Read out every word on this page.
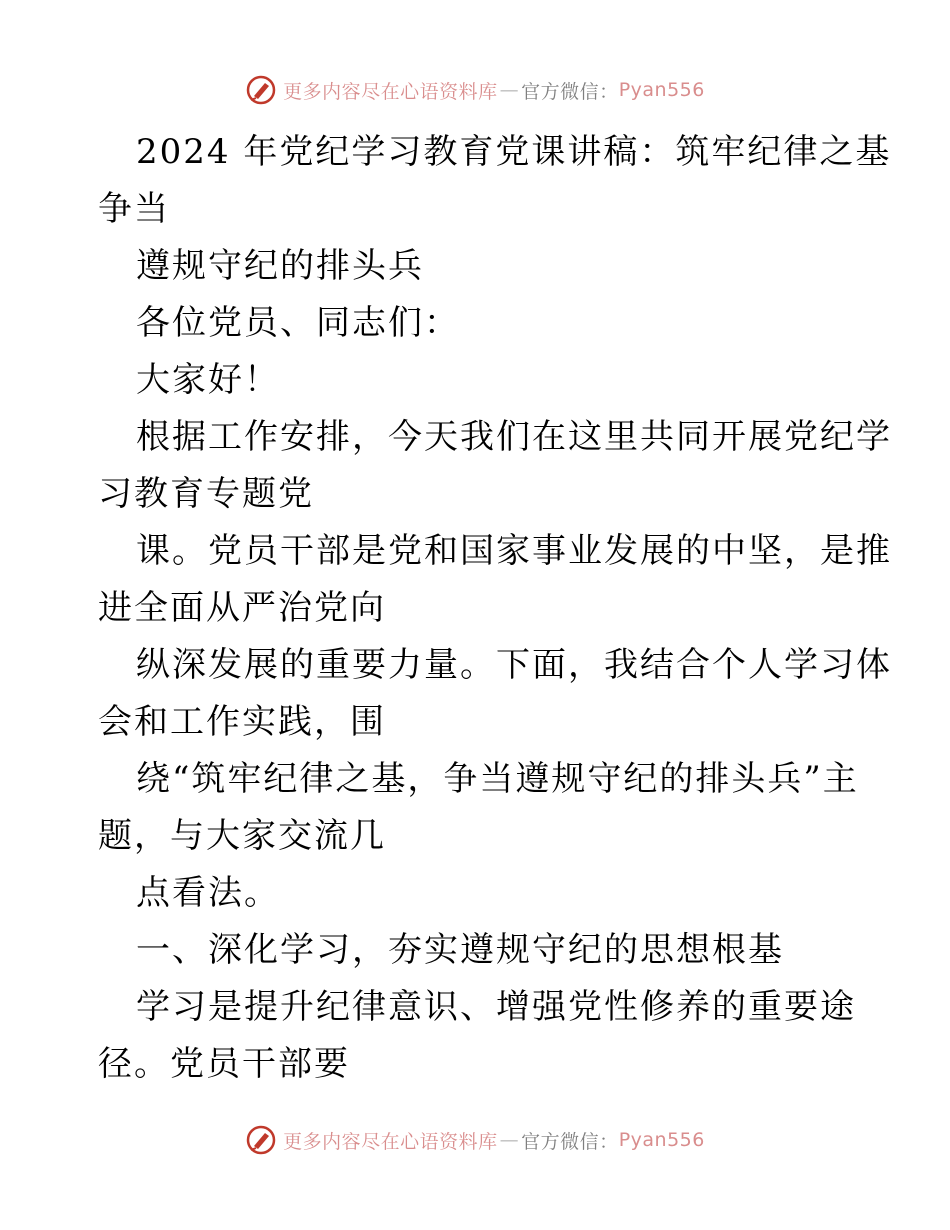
更多内容尽在心语资料库 — 官方微信： Pyan556
2024 年党纪学习教育党课讲稿：筑牢纪律之基
争当
遵规守纪的排头兵
各位党员、同志们：
大家好！
根据工作安排，今天我们在这里共同开展党纪学
习教育专题党
课。党员干部是党和国家事业发展的中坚，是推
进全面从严治党向
纵深发展的重要力量。下面，我结合个人学习体
会和工作实践，围
绕“筑牢纪律之基，争当遵规守纪的排头兵”主
题，与大家交流几
点看法。
一、深化学习，夯实遵规守纪的思想根基
学习是提升纪律意识、增强党性修养的重要途
径。党员干部要
更多内容尽在心语资料库 — 官方微信： Pyan556
